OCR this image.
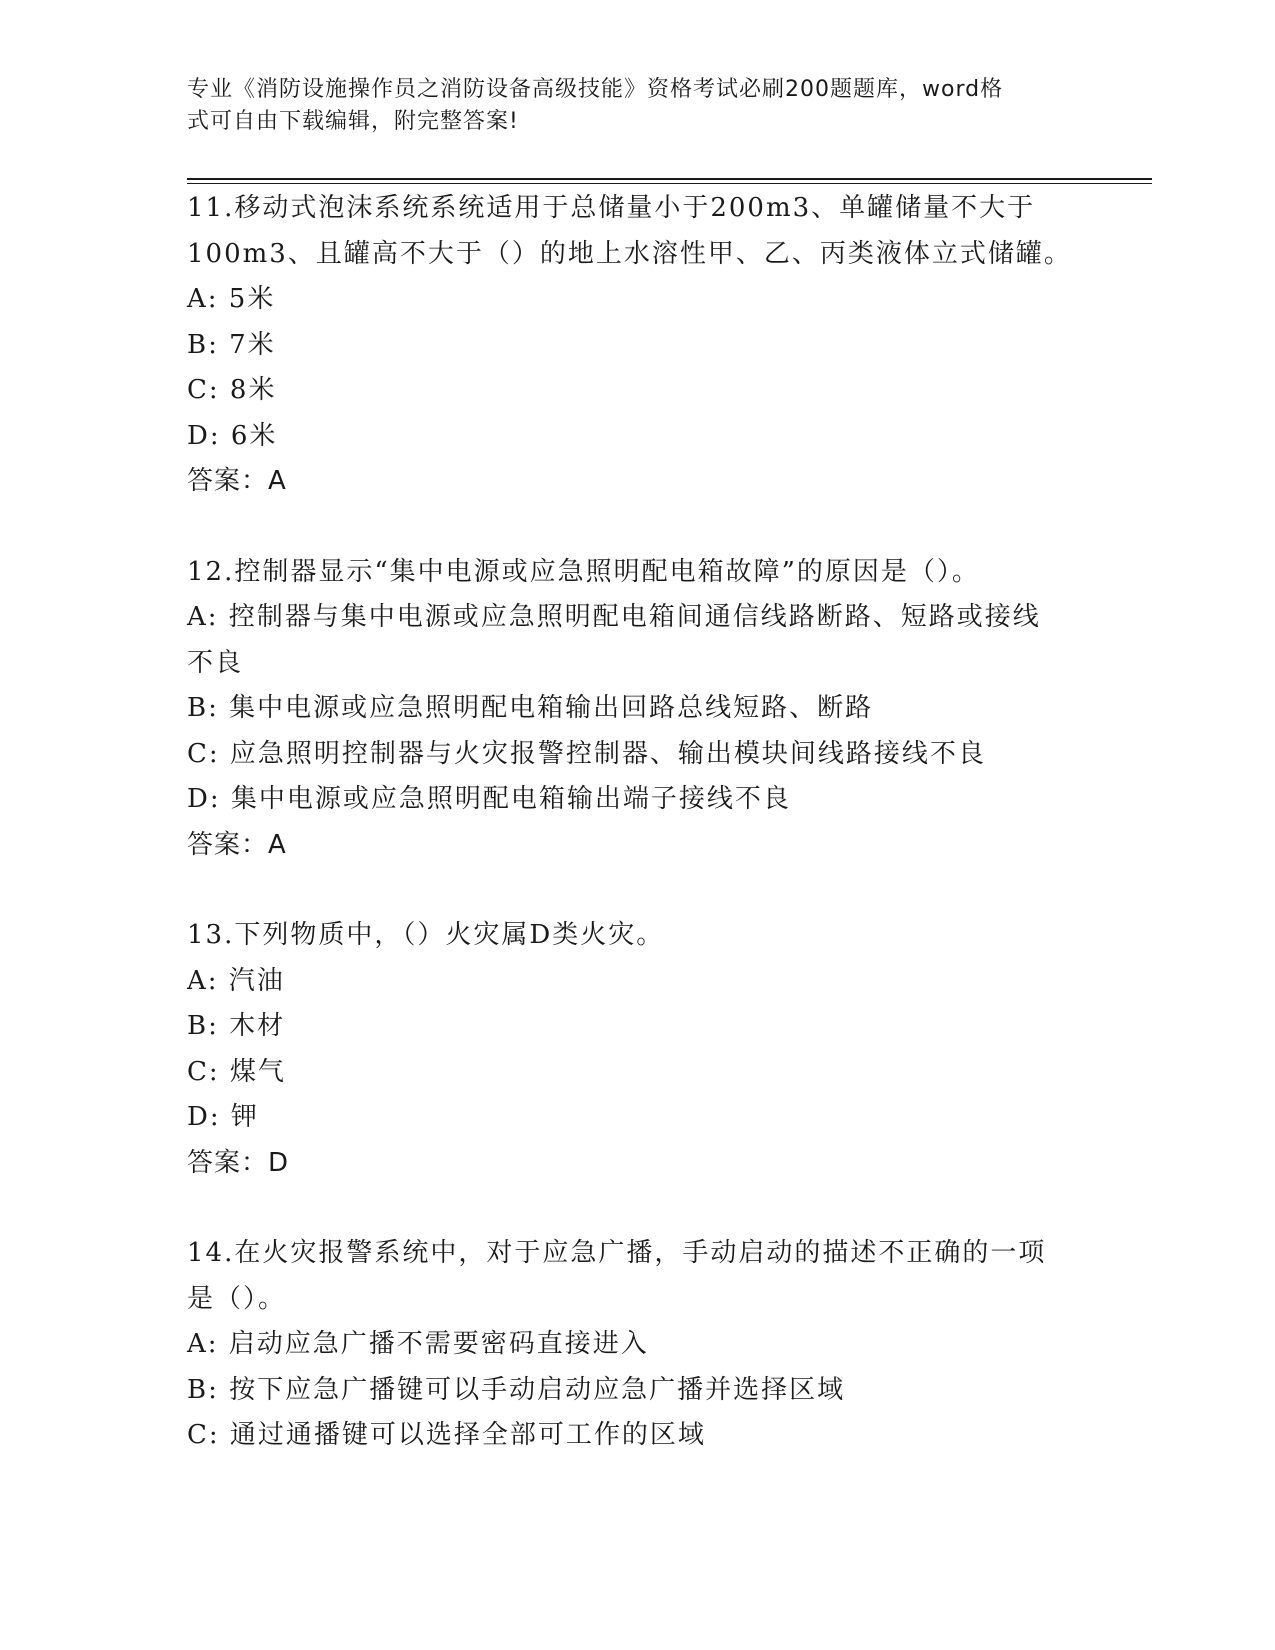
专业《消防设施操作员之消防设备高级技能》资格考试必刷200题题库，word格
式可自由下载编辑，附完整答案!
11.移动式泡沫系统系统适用于总储量小于200m3、单罐储量不大于
100m3、且罐高不大于（）的地上水溶性甲、乙、丙类液体立式储罐。
A: 5米
B: 7米
C: 8米
D: 6米
答案：A
12.控制器显示“集中电源或应急照明配电箱故障”的原因是（）。
A: 控制器与集中电源或应急照明配电箱间通信线路断路、短路或接线
不良
B: 集中电源或应急照明配电箱输出回路总线短路、断路
C: 应急照明控制器与火灾报警控制器、输出模块间线路接线不良
D: 集中电源或应急照明配电箱输出端子接线不良
答案：A
13.下列物质中，（）火灾属D类火灾。
A: 汽油
B: 木材
C: 煤气
D: 钾
答案：D
14.在火灾报警系统中，对于应急广播，手动启动的描述不正确的一项
是（）。
A: 启动应急广播不需要密码直接进入
B: 按下应急广播键可以手动启动应急广播并选择区域
C: 通过通播键可以选择全部可工作的区域
